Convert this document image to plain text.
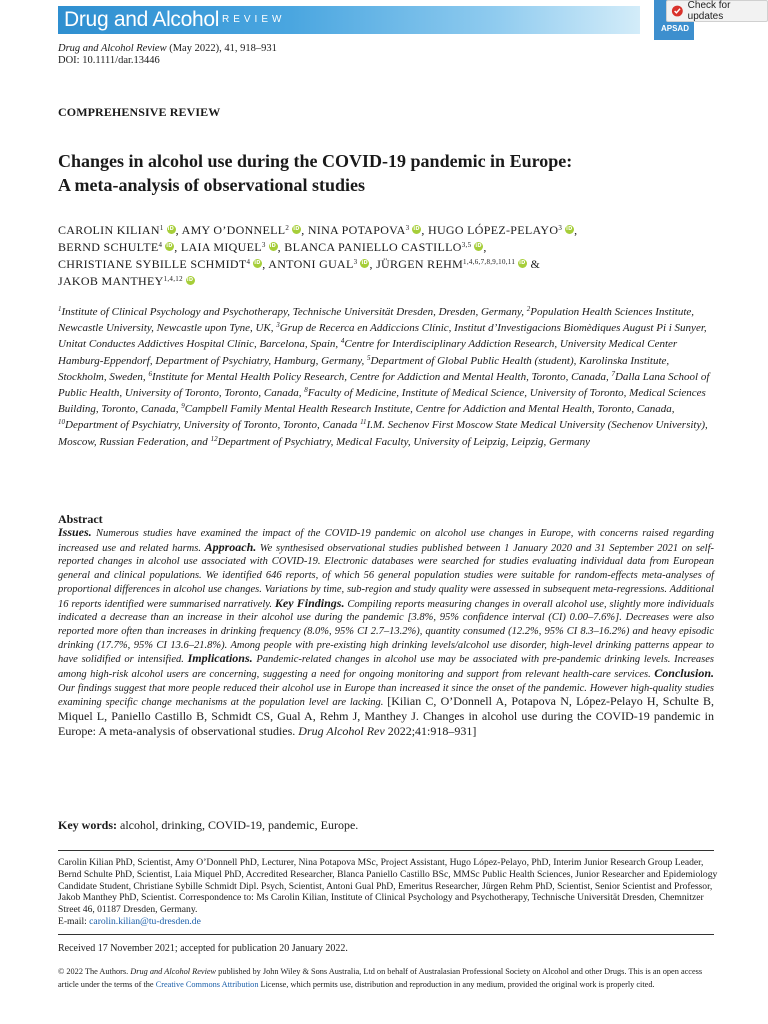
Drug and Alcohol REVIEW
APSAD
Check for updates
Drug and Alcohol Review (May 2022), 41, 918–931
DOI: 10.1111/dar.13446
COMPREHENSIVE REVIEW
Changes in alcohol use during the COVID-19 pandemic in Europe:
A meta-analysis of observational studies
CAROLIN KILIAN$^1$ iD , AMY O’DONNELL$^2$ iD , NINA POTAPOVA$^3$ iD , HUGO LÓPEZ-PELAYO$^3$ iD ,
BERND SCHULTE$^4$ iD , LAIA MIQUEL$^3$ iD , BLANCA PANIELLO CASTILLO$^{3,5}$ iD ,
CHRISTIANE SYBILLE SCHMIDT$^4$ iD , ANTONI GUAL$^3$ iD , JÜRGEN REHM$^{1,4,6,7,8,9,10,11}$iD &
JAKOB MANTHEY$^{1,4,12}$iD
$^1$Institute of Clinical Psychology and Psychotherapy, Technische Universität Dresden, Dresden, Germany, $^2$Population Health Sciences Institute, Newcastle University, Newcastle upon Tyne, UK, $^3$Grup de Recerca en Addiccions Clínic, Institut d’Investigacions Biomèdiques August Pi i Sunyer, Unitat Conductes Addictives Hospital Clínic, Barcelona, Spain, $^4$Centre for Interdisciplinary Addiction Research, University Medical Center Hamburg-Eppendorf, Department of Psychiatry, Hamburg, Germany, $^5$Department of Global Public Health (student), Karolinska Institute, Stockholm, Sweden, $^6$Institute for Mental Health Policy Research, Centre for Addiction and Mental Health, Toronto, Canada, $^7$Dalla Lana School of Public Health, University of Toronto, Toronto, Canada, $^8$Faculty of Medicine, Institute of Medical Science, University of Toronto, Medical Sciences Building, Toronto, Canada, $^9$Campbell Family Mental Health Research Institute, Centre for Addiction and Mental Health, Toronto, Canada, $^{10}$Department of Psychiatry, University of Toronto, Toronto, Canada $^{11}$I.M. Sechenov First Moscow State Medical University (Sechenov University), Moscow, Russian Federation, and $^{12}$Department of Psychiatry, Medical Faculty, University of Leipzig, Leipzig, Germany
Abstract
Issues. Numerous studies have examined the impact of the COVID-19 pandemic on alcohol use changes in Europe, with concerns raised regarding increased use and related harms. Approach. We synthesised observational studies published between 1 January 2020 and 31 September 2021 on self-reported changes in alcohol use associated with COVID-19. Electronic databases were searched for studies evaluating individual data from European general and clinical populations. We identified 646 reports, of which 56 general population studies were suitable for random-effects meta-analyses of proportional differences in alcohol use changes. Variations by time, sub-region and study quality were assessed in subsequent meta-regressions. Additional 16 reports identified were summarised narratively. Key Findings. Compiling reports measuring changes in overall alcohol use, slightly more individuals indicated a decrease than an increase in their alcohol use during the pandemic [3.8%, 95% confidence interval (CI) 0.00–7.6%]. Decreases were also reported more often than increases in drinking frequency (8.0%, 95% CI 2.7–13.2%), quantity consumed (12.2%, 95% CI 8.3–16.2%) and heavy episodic drinking (17.7%, 95% CI 13.6–21.8%). Among people with pre-existing high drinking levels/alcohol use disorder, high-level drinking patterns appear to have solidified or intensified. Implications. Pandemic-related changes in alcohol use may be associated with pre-pandemic drinking levels. Increases among high-risk alcohol users are concerning, suggesting a need for ongoing monitoring and support from relevant health-care services. Conclusion. Our findings suggest that more people reduced their alcohol use in Europe than increased it since the onset of the pandemic. However high-quality studies examining specific change mechanisms at the population level are lacking. [Kilian C, O’Donnell A, Potapova N, López-Pelayo H, Schulte B, Miquel L, Paniello Castillo B, Schmidt CS, Gual A, Rehm J, Manthey J. Changes in alcohol use during the COVID-19 pandemic in Europe: A meta-analysis of observational studies. Drug Alcohol Rev 2022;41:918–931]
Key words: alcohol, drinking, COVID-19, pandemic, Europe.
Carolin Kilian PhD, Scientist, Amy O’Donnell PhD, Lecturer, Nina Potapova MSc, Project Assistant, Hugo López-Pelayo, PhD, Interim Junior Research Group Leader, Bernd Schulte PhD, Scientist, Laia Miquel PhD, Accredited Researcher, Blanca Paniello Castillo BSc, MMSc Public Health Sciences, Junior Researcher and Epidemiology Candidate Student, Christiane Sybille Schmidt Dipl. Psych, Scientist, Antoni Gual PhD, Emeritus Researcher, Jürgen Rehm PhD, Scientist, Senior Scientist and Professor, Jakob Manthey PhD, Scientist. Correspondence to: Ms Carolin Kilian, Institute of Clinical Psychology and Psychotherapy, Technische Universität Dresden, Chemnitzer Street 46, 01187 Dresden, Germany.
E-mail: carolin.kilian@tu-dresden.de
Received 17 November 2021; accepted for publication 20 January 2022.
© 2022 The Authors. Drug and Alcohol Review published by John Wiley & Sons Australia, Ltd on behalf of Australasian Professional Society on Alcohol and other Drugs. This is an open access article under the terms of the Creative Commons Attribution License, which permits use, distribution and reproduction in any medium, provided the original work is properly cited.
